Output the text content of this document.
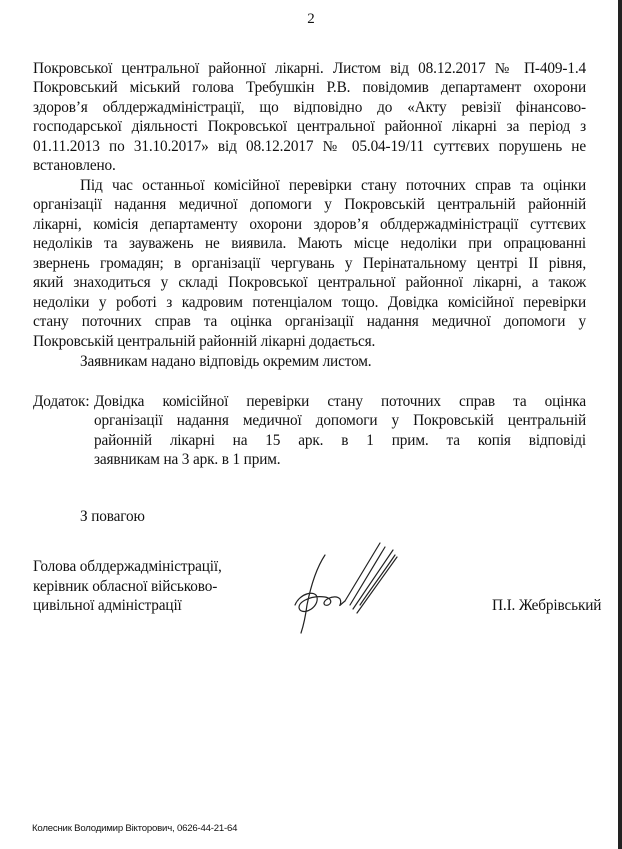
2
Покровської центральної районної лікарні. Листом від 08.12.2017 № П-409-1.4
Покровський міський голова Требушкін Р.В. повідомив департамент охорони
здоров’я облдержадміністрації, що відповідно до «Акту ревізії фінансово-
господарської діяльності Покровської центральної районної лікарні за період з
01.11.2013 по 31.10.2017» від 08.12.2017 № 05.04-19/11 суттєвих порушень не
встановлено.
Під час останньої комісійної перевірки стану поточних справ та оцінки
організації надання медичної допомоги у Покровській центральній районній
лікарні, комісія департаменту охорони здоров’я облдержадміністрації суттєвих
недоліків та зауважень не виявила. Мають місце недоліки при опрацюванні
звернень громадян; в організації чергувань у Перінатальному центрі II рівня,
який знаходиться у складі Покровської центральної районної лікарні, а також
недоліки у роботі з кадровим потенціалом тощо. Довідка комісійної перевірки
стану поточних справ та оцінка організації надання медичної допомоги у
Покровській центральній районній лікарні додається.
Заявникам надано відповідь окремим листом.
Додаток: Довідка комісійної перевірки стану поточних справ та оцінка
організації надання медичної допомоги у Покровській центральній
районній лікарні на 15 арк. в 1 прим. та копія відповіді
заявникам на 3 арк. в 1 прим.
З повагою
Голова облдержадміністрації,
керівник обласної військово-
цивільної адміністрації	П.І. Жебрівський
Колесник Володимир Вікторович, 0626-44-21-64
